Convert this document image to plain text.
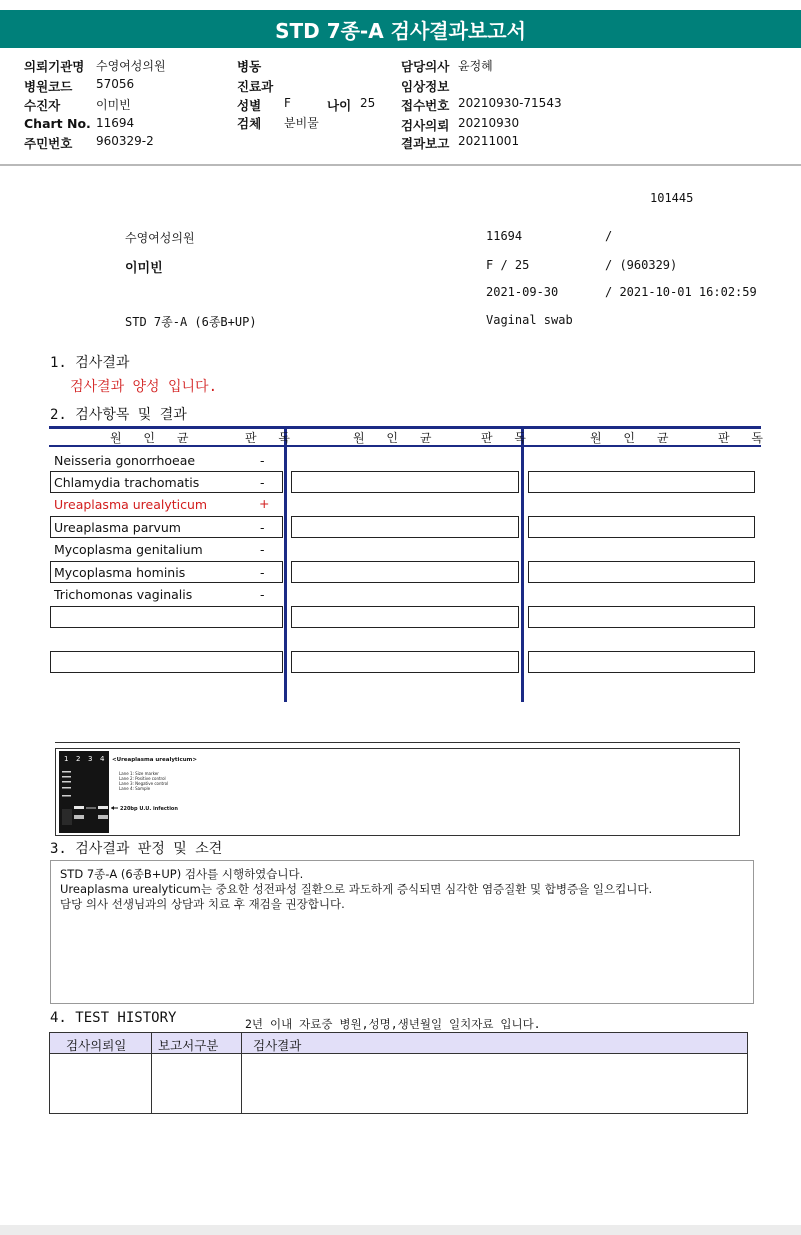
STD 7종-A 검사결과보고서
의뢰기관명 수영여성의원
병원코드 57056
수진자	이미빈
Chart No. 11694
주민번호 960329-2
병동
진료과
성별 F	나이 25
검체 분비물
담당의사 윤정혜
임상정보
접수번호 20210930-71543
검사의뢰 20210930
결과보고 20211001
101445
수영여성의원	11694	/
이미빈	F / 25	/ (960329)
2021-09-30	/ 2021-10-01 16:02:59
STD 7종-A (6종B+UP)	Vaginal swab
1. 검사결과
검사결과 양성 입니다.
2. 검사항목 및 결과
원 인 균	판 독	원 인 균	판 독	원 인 균	판 독
Neisseria gonorrhoeae	-
Chlamydia trachomatis	-
Ureaplasma urealyticum	+
Ureaplasma parvum	-
Mycoplasma genitalium	-
Mycoplasma hominis	-
Trichomonas vaginalis	-
1 2 3 4 <Ureaplasma urealyticum>
Lane 1: Size marker
Lane 2: Positive control
Lane 3: Negative control
Lane 4: Sample
220bp U.U. infection
3. 검사결과 판정 및 소견
STD 7종-A (6종B+UP) 검사를 시행하였습니다.
Ureaplasma urealyticum는 중요한 성전파성 질환으로 과도하게 증식되면 심각한 염증질환 및 합병증을 일으킵니다.
담당 의사 선생님과의 상담과 치료 후 재검을 권장합니다.
4. TEST HISTORY	2년 이내 자료중 병원,성명,생년월일 일치자료 입니다.
검사의뢰일	보고서구분	검사결과
